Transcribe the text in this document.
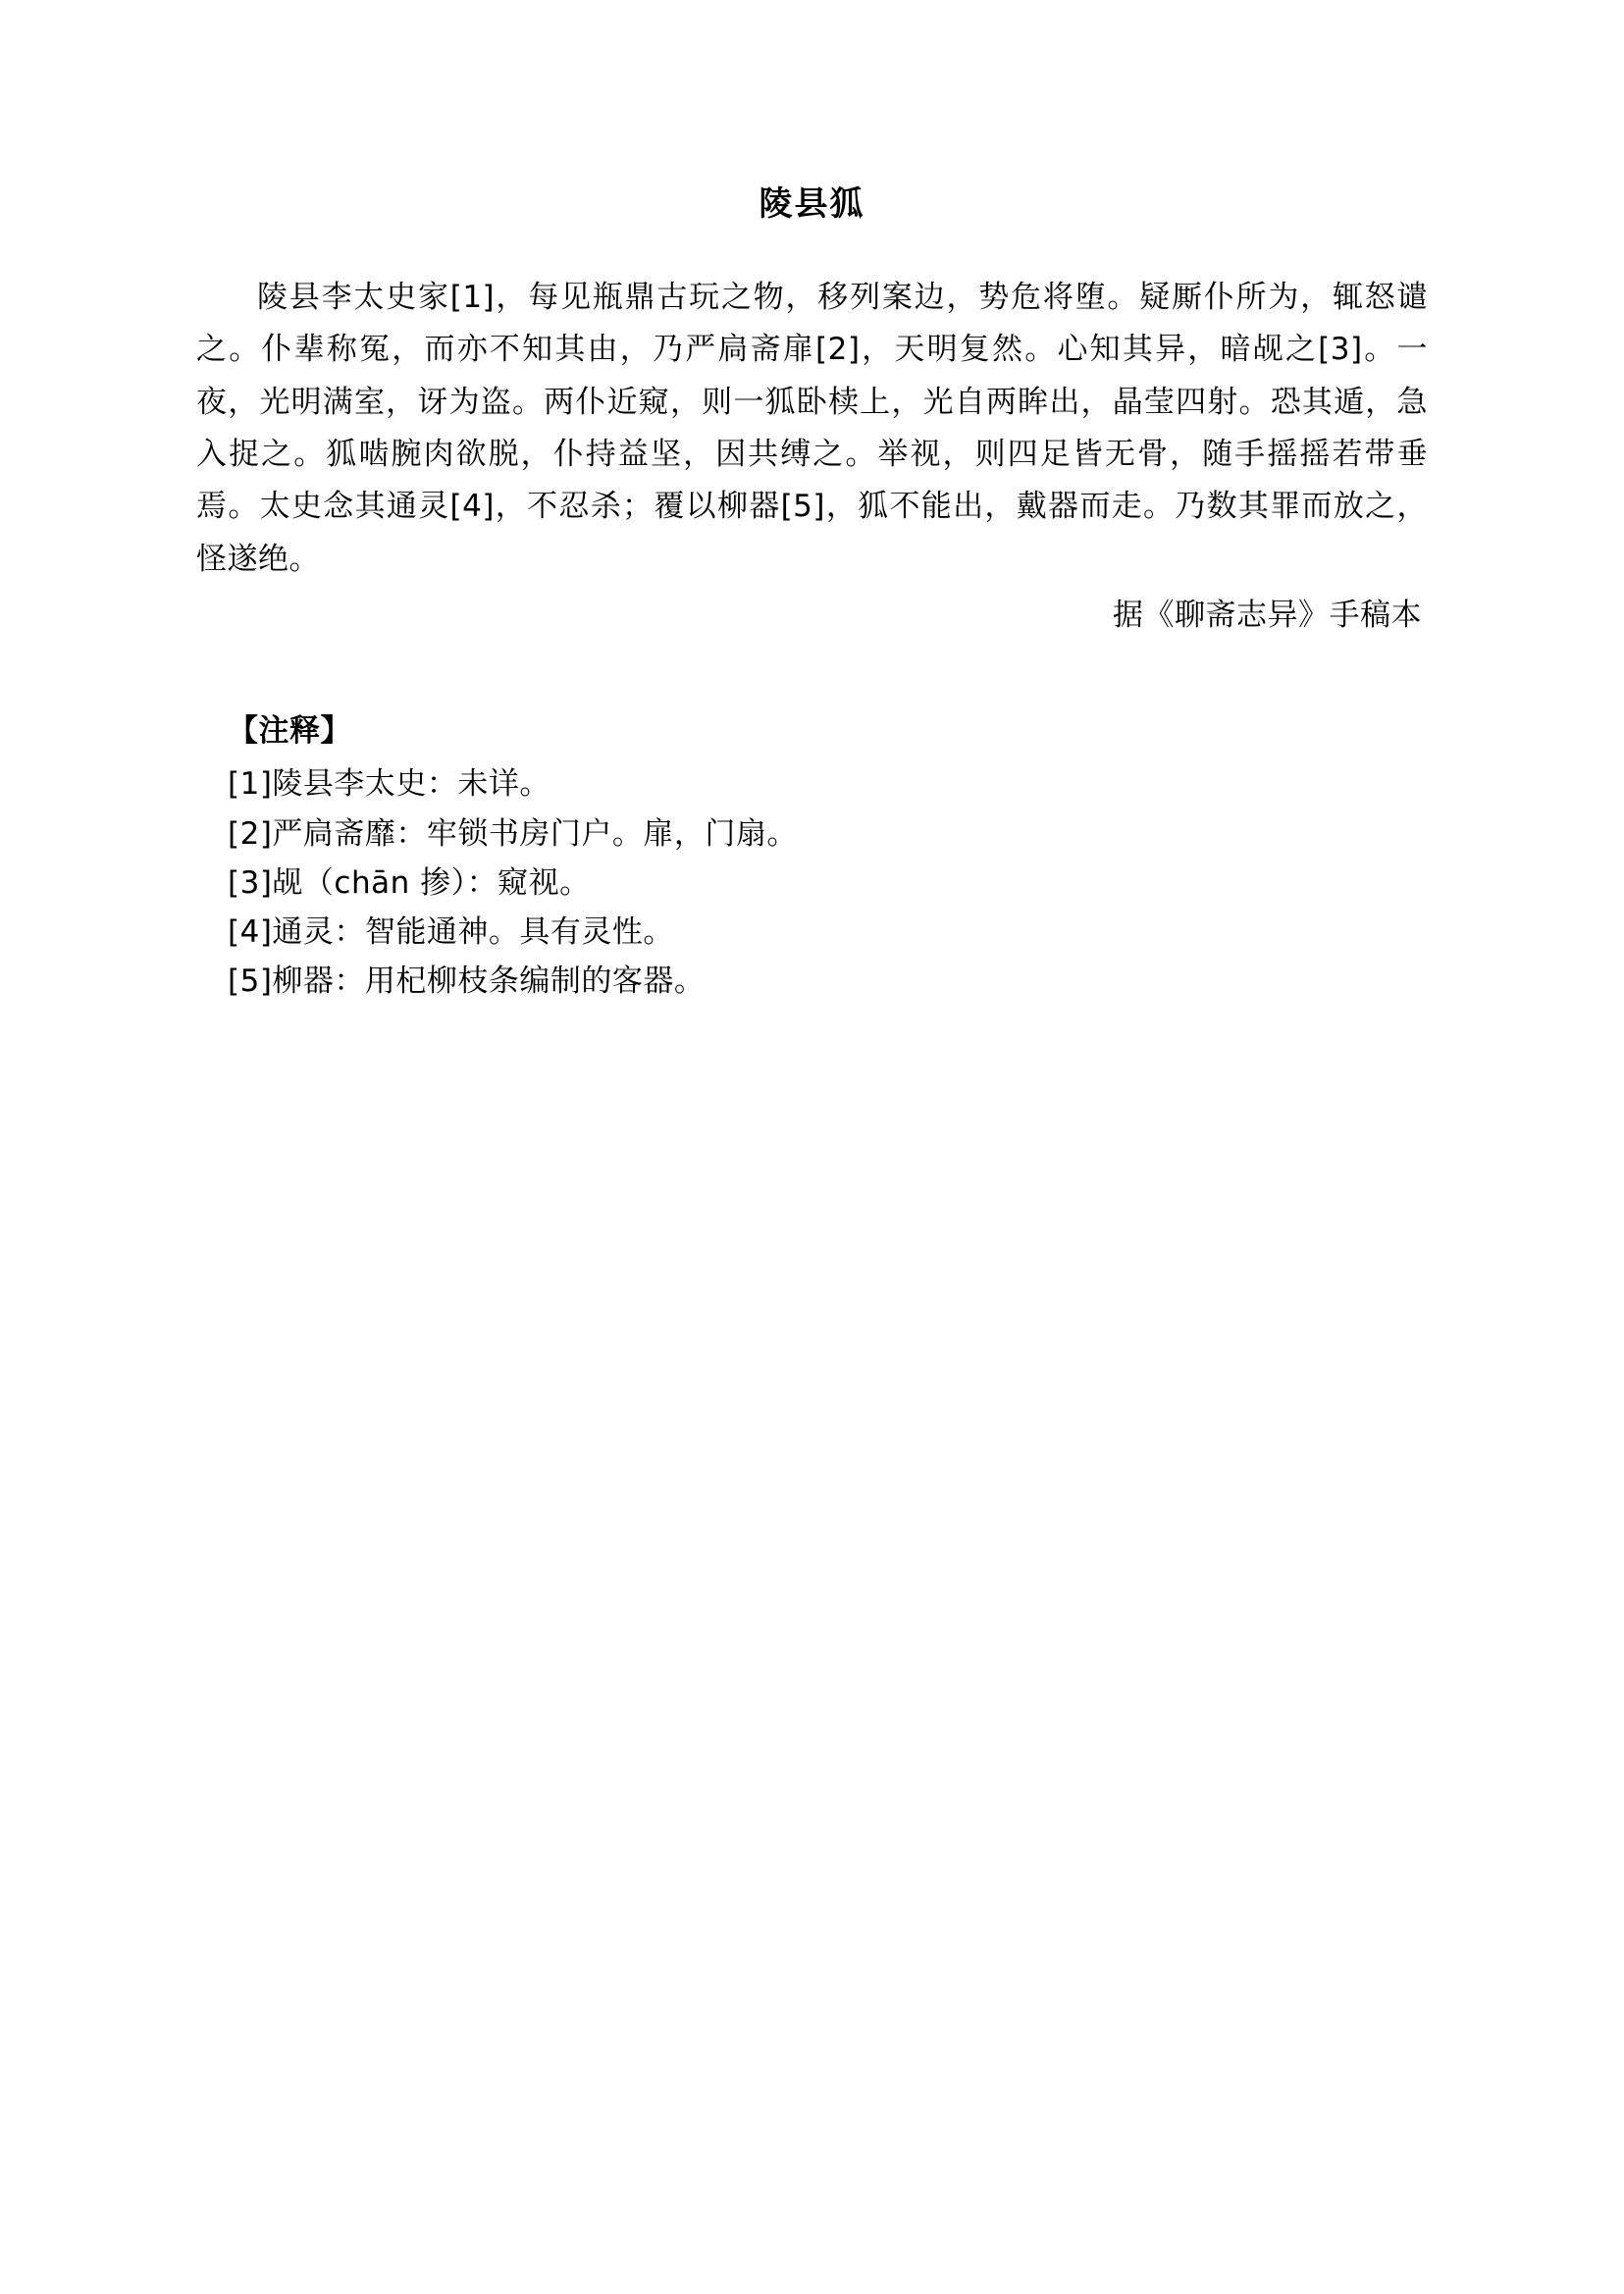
陵县狐

陵县李太史家[1]，每见瓶鼎古玩之物，移列案边，势危将堕。疑厮仆所为，辄怒谴之。仆辈称冤，而亦不知其由，乃严扃斋扉[2]，天明复然。心知其异，暗觇之[3]。一夜，光明满室，讶为盗。两仆近窥，则一狐卧椟上，光自两眸出，晶莹四射。恐其遁，急入捉之。狐啮腕肉欲脱，仆持益坚，因共缚之。举视，则四足皆无骨，随手摇摇若带垂焉。太史念其通灵[4]，不忍杀；覆以柳器[5]，狐不能出，戴器而走。乃数其罪而放之，怪遂绝。

据《聊斋志异》手稿本

【注释】

[1]陵县李太史：未详。

[2]严扃斋靡：牢锁书房门户。扉，门扇。

[3]觇（chān 掺）：窥视。

[4]通灵：智能通神。具有灵性。

[5]柳器：用杞柳枝条编制的客器。
